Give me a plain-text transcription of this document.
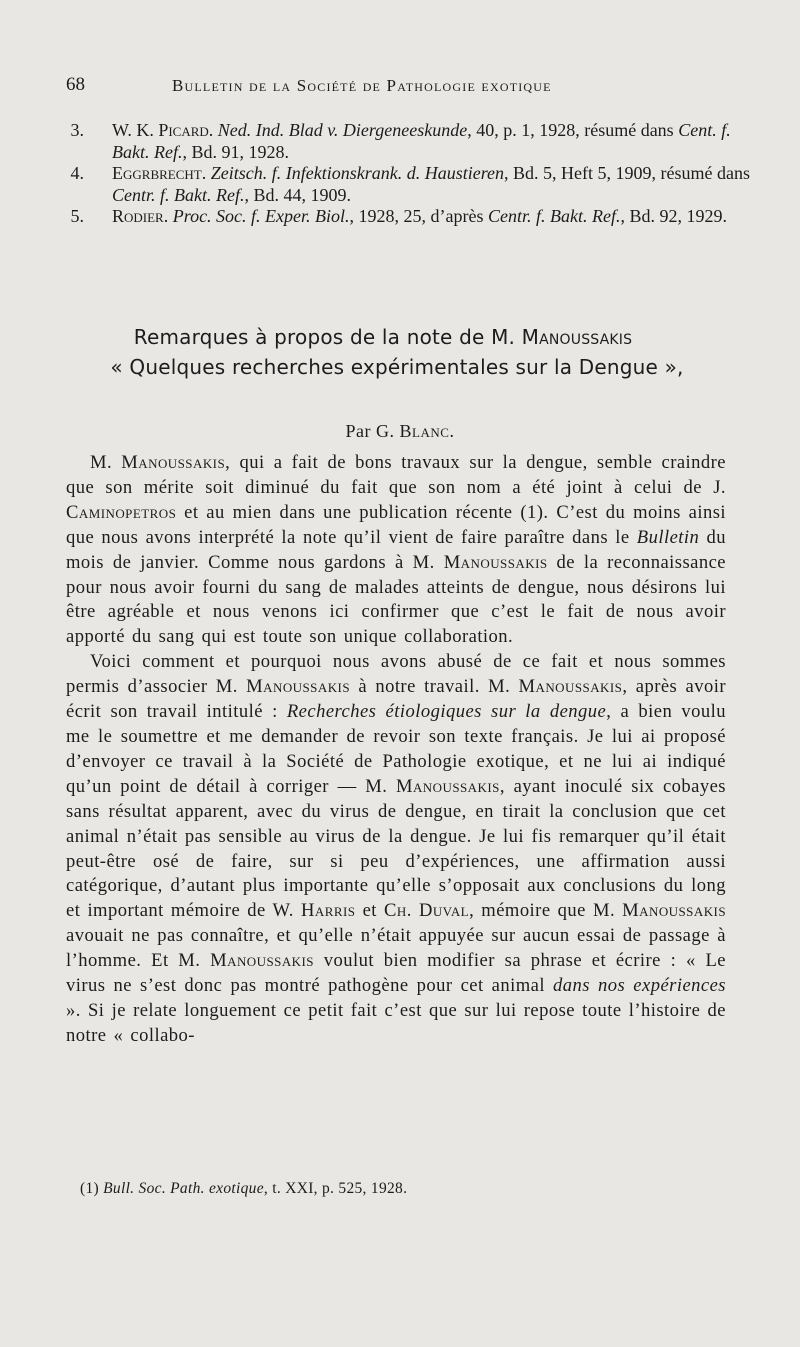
68	Bulletin de la Société de Pathologie exotique
3. W. K. Picard. Ned. Ind. Blad v. Diergeneeskunde, 40, p. 1, 1928, résumé dans Cent. f. Bakt. Ref., Bd. 91, 1928.
4. Eggrbrecht. Zeitsch. f. Infektionskrank. d. Haustieren, Bd. 5, Heft 5, 1909, résumé dans Centr. f. Bakt. Ref., Bd. 44, 1909.
5. Rodier. Proc. Soc. f. Exper. Biol., 1928, 25, d’après Centr. f. Bakt. Ref., Bd. 92, 1929.
Remarques à propos de la note de M. Manoussakis
« Quelques recherches expérimentales sur la Dengue »,
Par G. Blanc.

M. Manoussakis, qui a fait de bons travaux sur la dengue, semble craindre que son mérite soit diminué du fait que son nom a été joint à celui de J. Caminopetros et au mien dans une publication récente (1). C’est du moins ainsi que nous avons interprété la note qu’il vient de faire paraître dans le Bulletin du mois de janvier. Comme nous gardons à M. Manoussakis de la reconnaissance pour nous avoir fourni du sang de malades atteints de dengue, nous désirons lui être agréable et nous venons ici confirmer que c’est le fait de nous avoir apporté du sang qui est toute son unique collaboration.

Voici comment et pourquoi nous avons abusé de ce fait et nous sommes permis d’associer M. Manoussakis à notre travail. M. Manoussakis, après avoir écrit son travail intitulé : Recherches étiologiques sur la dengue, a bien voulu me le soumettre et me demander de revoir son texte français. Je lui ai proposé d’envoyer ce travail à la Société de Pathologie exotique, et ne lui ai indiqué qu’un point de détail à corriger — M. Manoussakis, ayant inoculé six cobayes sans résultat apparent, avec du virus de dengue, en tirait la conclusion que cet animal n’était pas sensible au virus de la dengue. Je lui fis remarquer qu’il était peut-être osé de faire, sur si peu d’expériences, une affirmation aussi catégorique, d’autant plus importante qu’elle s’opposait aux conclusions du long et important mémoire de W. Harris et Ch. Duval, mémoire que M. Manoussakis avouait ne pas connaître, et qu’elle n’était appuyée sur aucun essai de passage à l’homme. Et M. Manoussakis voulut bien modifier sa phrase et écrire : « Le virus ne s’est donc pas montré pathogène pour cet animal dans nos expériences ». Si je relate longuement ce petit fait c’est que sur lui repose toute l’histoire de notre « collabo-

(1) Bull. Soc. Path. exotique, t. XXI, p. 525, 1928.
